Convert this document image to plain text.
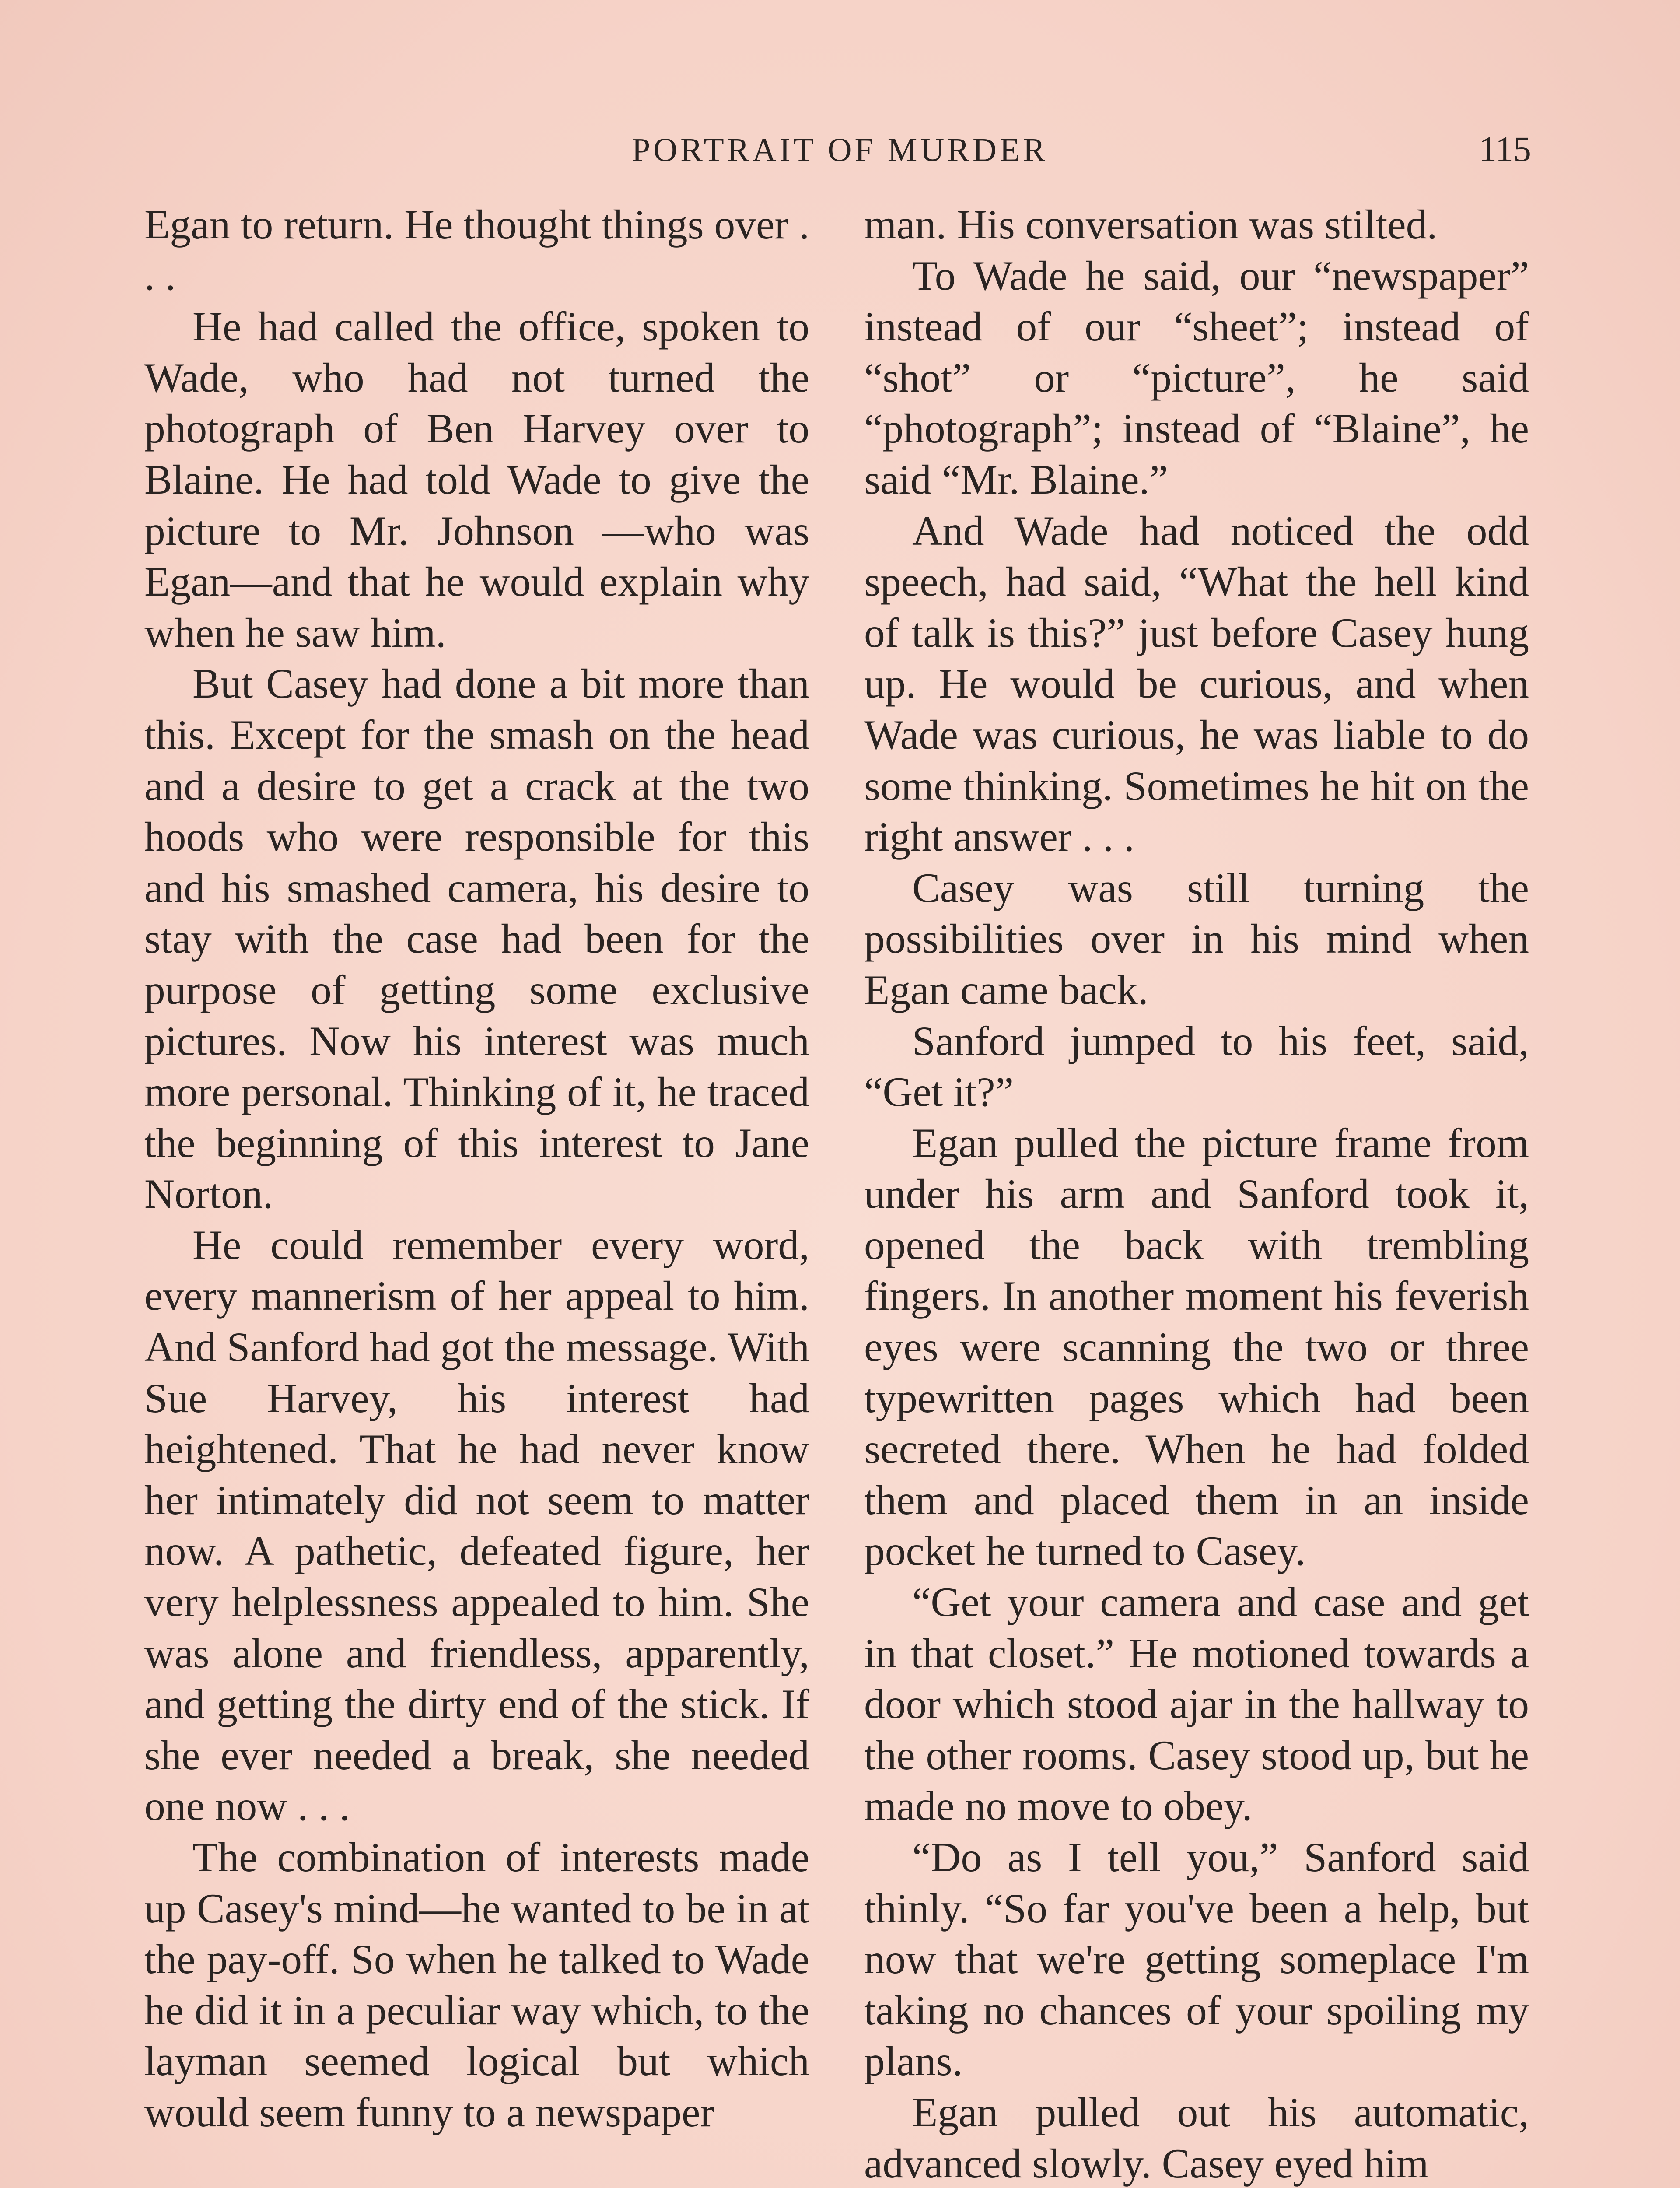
PORTRAIT OF MURDER	115

Egan to return. He thought things over . . .

He had called the office, spoken to Wade, who had not turned the photograph of Ben Harvey over to Blaine. He had told Wade to give the picture to Mr. Johnson —who was Egan—and that he would explain why when he saw him.

But Casey had done a bit more than this. Except for the smash on the head and a desire to get a crack at the two hoods who were responsible for this and his smashed camera, his desire to stay with the case had been for the purpose of getting some exclusive pictures. Now his interest was much more personal. Thinking of it, he traced the beginning of this interest to Jane Norton.

He could remember every word, every mannerism of her appeal to him. And Sanford had got the message. With Sue Harvey, his interest had heightened. That he had never know her intimately did not seem to matter now. A pathetic, defeated figure, her very helplessness appealed to him. She was alone and friendless, apparently, and getting the dirty end of the stick. If she ever needed a break, she needed one now . . .

The combination of interests made up Casey's mind—he wanted to be in at the pay-off. So when he talked to Wade he did it in a peculiar way which, to the layman seemed logical but which would seem funny to a newspaper

man. His conversation was stilted.

To Wade he said, our “newspaper” instead of our “sheet”; instead of “shot” or “picture”, he said “photograph”; instead of “Blaine”, he said “Mr. Blaine.”

And Wade had noticed the odd speech, had said, “What the hell kind of talk is this?” just before Casey hung up. He would be curious, and when Wade was curious, he was liable to do some thinking. Sometimes he hit on the right answer . . .

Casey was still turning the possibilities over in his mind when Egan came back.

Sanford jumped to his feet, said, “Get it?”

Egan pulled the picture frame from under his arm and Sanford took it, opened the back with trembling fingers. In another moment his feverish eyes were scanning the two or three typewritten pages which had been secreted there. When he had folded them and placed them in an inside pocket he turned to Casey.

“Get your camera and case and get in that closet.” He motioned towards a door which stood ajar in the hallway to the other rooms. Casey stood up, but he made no move to obey.

“Do as I tell you,” Sanford said thinly. “So far you've been a help, but now that we're getting someplace I'm taking no chances of your spoiling my plans.

Egan pulled out his automatic, advanced slowly. Casey eyed him
